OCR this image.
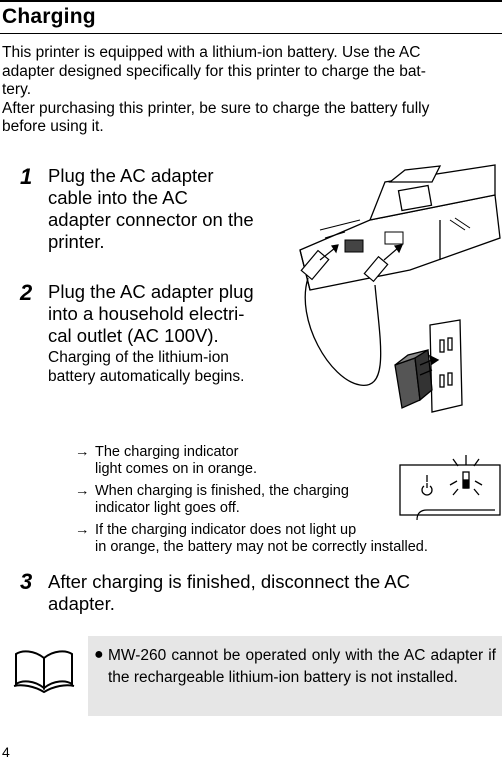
Charging

This printer is equipped with a lithium-ion battery. Use the AC

adapter designed specifically for this printer to charge the bat-

tery.

After purchasing this printer, be sure to charge the battery fully

before using it.

1 Plug the AC adapter
cable into the AC
adapter connector on the
printer.
2 Plug the AC adapter plug
into a household electri-
cal outlet (AC 100V).
Charging of the lithium-ion
battery automatically begins.
→ The charging indicator
light comes on in orange.
→ When charging is finished, the charging
indicator light goes off.
→ If the charging indicator does not light up
in orange, the battery may not be correctly installed.
3 After charging is finished, disconnect the AC
adapter.
● MW-260 cannot be operated only with the AC adapter if the rechargeable lithium-ion battery is not installed.
4
